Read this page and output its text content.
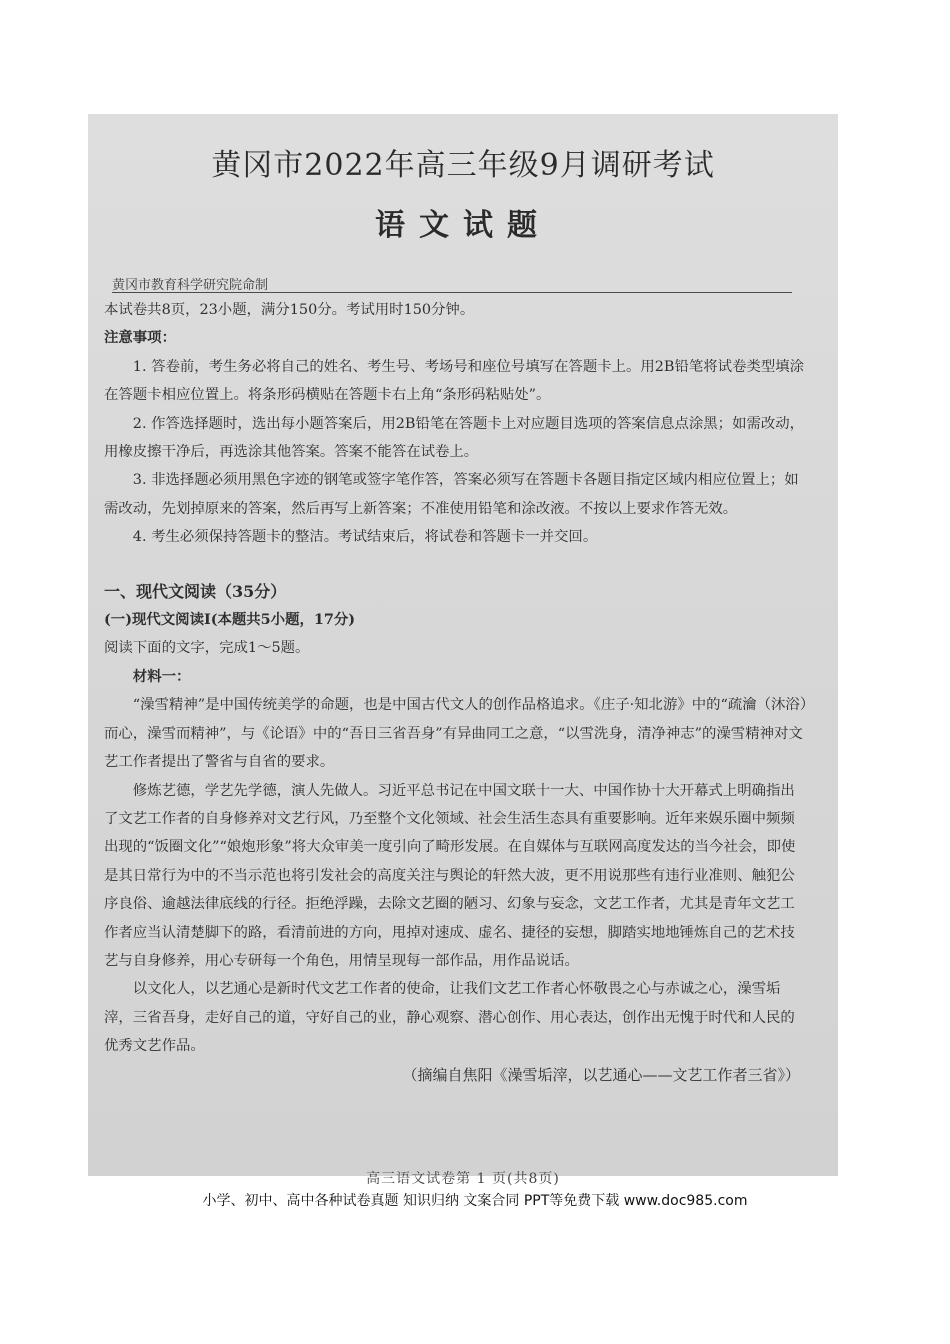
黄冈市2022年高三年级9月调研考试
语文试题
黄冈市教育科学研究院命制

本试卷共8页，23小题，满分150分。考试用时150分钟。

注意事项：

1. 答卷前，考生务必将自己的姓名、考生号、考场号和座位号填写在答题卡上。用2B铅笔将试卷类型填涂在答题卡相应位置上。将条形码横贴在答题卡右上角“条形码粘贴处”。

2. 作答选择题时，选出每小题答案后，用2B铅笔在答题卡上对应题目选项的答案信息点涂黑；如需改动，用橡皮擦干净后，再选涂其他答案。答案不能答在试卷上。

3. 非选择题必须用黑色字迹的钢笔或签字笔作答，答案必须写在答题卡各题目指定区域内相应位置上；如需改动，先划掉原来的答案，然后再写上新答案；不准使用铅笔和涂改液。不按以上要求作答无效。

4. 考生必须保持答题卡的整洁。考试结束后，将试卷和答题卡一并交回。

一、现代文阅读（35分）

(一)现代文阅读Ⅰ(本题共5小题，17分)

阅读下面的文字，完成1～5题。

材料一：

“澡雪精神”是中国传统美学的命题，也是中国古代文人的创作品格追求。《庄子·知北游》中的“疏瀹（沐浴）而心，澡雪而精神”，与《论语》中的“吾日三省吾身”有异曲同工之意，“以雪洗身，清净神志”的澡雪精神对文艺工作者提出了警省与自省的要求。

修炼艺德，学艺先学德，演人先做人。习近平总书记在中国文联十一大、中国作协十大开幕式上明确指出了文艺工作者的自身修养对文艺行风，乃至整个文化领域、社会生活生态具有重要影响。近年来娱乐圈中频频出现的“饭圈文化”“娘炮形象”将大众审美一度引向了畸形发展。在自媒体与互联网高度发达的当今社会，即使是其日常行为中的不当示范也将引发社会的高度关注与舆论的轩然大波，更不用说那些有违行业准则、触犯公序良俗、逾越法律底线的行径。拒绝浮躁，去除文艺圈的陋习、幻象与妄念，文艺工作者，尤其是青年文艺工作者应当认清楚脚下的路，看清前进的方向，甩掉对速成、虚名、捷径的妄想，脚踏实地地锤炼自己的艺术技艺与自身修养，用心专研每一个角色，用情呈现每一部作品，用作品说话。

以文化人，以艺通心是新时代文艺工作者的使命，让我们文艺工作者心怀敬畏之心与赤诚之心，澡雪垢滓，三省吾身，走好自己的道，守好自己的业，静心观察、潜心创作、用心表达，创作出无愧于时代和人民的优秀文艺作品。

（摘编自焦阳《澡雪垢滓，以艺通心——文艺工作者三省》）

高三语文试卷第 1 页(共8页)
小学、初中、高中各种试卷真题 知识归纳 文案合同 PPT等免费下载 www.doc985.com
